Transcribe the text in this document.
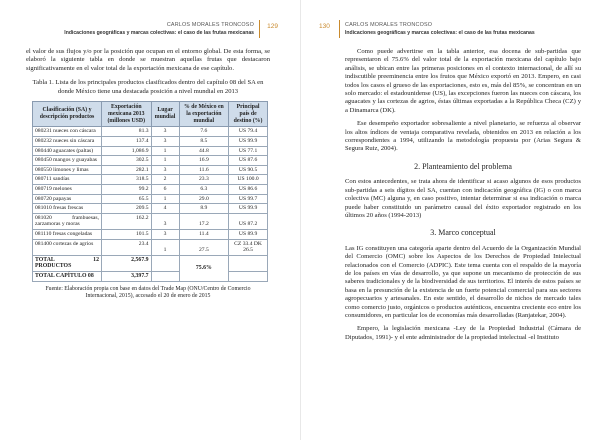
CARLOS MORALES TRONCOSO
Indicaciones geográficas y marcas colectivas: el caso de las frutas mexicanas
129

el valor de sus flujos y/o por la posición que ocupan en el entorno global. De esta forma, se elaboró la siguiente tabla en donde se muestran aquellas frutas que destacaron significativamente en el valor total de la exportación mexicana de ese capítulo.

Tabla 1. Lista de los principales productos clasificados dentro del capítulo 08 del SA en donde México tiene una destacada posición a nivel mundial en 2013
Clasificación (SA) y descripción productos	Exportación mexicana 2013 (millones USD)	Lugar mundial	% de México en la exportación mundial	Principal país de destino (%)
080231 nueces con cáscara	81.3	3	7.6	US 79.4
080232 nueces sin cáscara	137.4	3	8.5	US 99.9
080440 aguacates (paltas)	1,086.9	1	44.8	US 77.1
080450 mangos y guayabas	302.5	1	16.9	US 87.6
080550 limones y limas	282.1	3	11.6	US 90.5
080711 sandías	318.5	2	23.3	US 100.0
080719 melones	99.2	6	6.3	US 86.6
080720 papayas	65.5	1	29.0	US 99.7
081010 fresas frescas	209.5	4	8.9	US 99.9
081020 frambuesas, zarzamoras y moras	162.2	3	17.2	US 87.2
081110 fresas congeladas	101.5	3	11.4	US 89.9
081400 cortezas de agrios	23.4	1	27.5	CZ 33.4 DK 26.5
TOTAL 12 PRODUCTOS	2,567.9		75.6%	
TOTAL CAPÍTULO 08	3,397.7			
Fuente: Elaboración propia con base en datos del Trade Map (ONU/Centro de Comercio Internacional, 2015), accesado el 20 de enero de 2015
130	CARLOS MORALES TRONCOSO
Indicaciones geográficas y marcas colectivas: el caso de las frutas mexicanas

Como puede advertirse en la tabla anterior, esa docena de sub-partidas que representaron el 75.6% del valor total de la exportación mexicana del capítulo bajo análisis, se ubican entre las primeras posiciones en el contexto internacional, de allí su indiscutible preeminencia entre los frutos que México exportó en 2013. Empero, en casi todos los casos el grueso de las exportaciones, esto es, más del 85%, se concentran en un solo mercado: el estadounidense (US), las excepciones fueron las nueces con cáscara, los aguacates y las cortezas de agrios, éstas últimas exportadas a la República Checa (CZ) y a Dinamarca (DK).

Ese desempeño exportador sobresaliente a nivel planetario, se refuerza al observar los altos índices de ventaja comparativa revelada, obtenidos en 2013 en relación a los correspondientes a 1994, utilizando la metodología propuesta por (Arias Segura & Segura Ruiz, 2004).

2. Planteamiento del problema

Con estos antecedentes, se trata ahora de identificar si acaso algunos de esos productos sub-partidas a seis dígitos del SA, cuentan con indicación geográfica (IG) o con marca colectiva (MC) alguna y, en caso positivo, intentar determinar si esa indicación o marca puede haber constituido un parámetro causal del éxito exportador registrado en los últimos 20 años (1994-2013)

3. Marco conceptual

Las IG constituyen una categoría aparte dentro del Acuerdo de la Organización Mundial del Comercio (OMC) sobre los Aspectos de los Derechos de Propiedad Intelectual relacionados con el Comercio (ADPIC). Este tema cuenta con el respaldo de la mayoría de los países en vías de desarrollo, ya que supone un mecanismo de protección de sus saberes tradicionales y de la biodiversidad de sus territorios. El interés de estos países se basa en la presunción de la existencia de un fuerte potencial comercial para sus sectores agropecuarios y artesanales. En este sentido, el desarrollo de nichos de mercado tales como comercio justo, orgánicos o productos auténticos, encuentra creciente eco entre los consumidores, en particular los de economías más desarrolladas (Ranjatekar, 2004).

Empero, la legislación mexicana -Ley de la Propiedad Industrial (Cámara de Diputados, 1991)- y el ente administrador de la propiedad intelectual -el Instituto
